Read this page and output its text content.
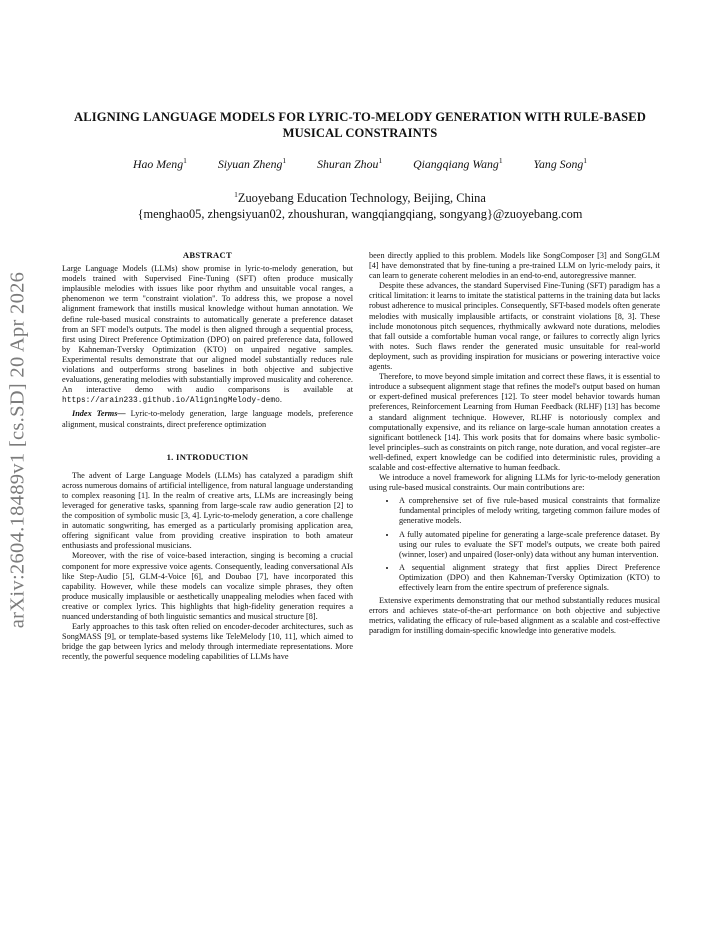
arXiv:2604.18489v1 [cs.SD] 20 Apr 2026
ALIGNING LANGUAGE MODELS FOR LYRIC-TO-MELODY GENERATION WITH RULE-BASED MUSICAL CONSTRAINTS
Hao Meng$^1$	Siyuan Zheng$^1$	Shuran Zhou$^1$	Qiangqiang Wang$^1$	Yang Song$^1$
$^1$Zuoyebang Education Technology, Beijing, China
{menghao05, zhengsiyuan02, zhoushuran, wangqiangqiang, songyang}@zuoyebang.com
ABSTRACT

Large Language Models (LLMs) show promise in lyric-to-melody generation, but models trained with Supervised Fine-Tuning (SFT) often produce musically implausible melodies with issues like poor rhythm and unsuitable vocal ranges, a phenomenon we term "constraint violation". To address this, we propose a novel alignment framework that instills musical knowledge without human annotation. We define rule-based musical constraints to automatically generate a preference dataset from an SFT model's outputs. The model is then aligned through a sequential process, first using Direct Preference Optimization (DPO) on paired preference data, followed by Kahneman-Tversky Optimization (KTO) on unpaired negative samples. Experimental results demonstrate that our aligned model substantially reduces rule violations and outperforms strong baselines in both objective and subjective evaluations, generating melodies with substantially improved musicality and coherence. An interactive demo with audio comparisons is available at https://arain233.github.io/AligningMelody-demo.

Index Terms— Lyric-to-melody generation, large language models, preference alignment, musical constraints, direct preference optimization

1. INTRODUCTION

The advent of Large Language Models (LLMs) has catalyzed a paradigm shift across numerous domains of artificial intelligence, from natural language understanding to complex reasoning [1]. In the realm of creative arts, LLMs are increasingly being leveraged for generative tasks, spanning from large-scale raw audio generation [2] to the composition of symbolic music [3, 4]. Lyric-to-melody generation, a core challenge in automatic songwriting, has emerged as a particularly promising application area, offering significant value from providing creative inspiration to both amateur enthusiasts and professional musicians.

Moreover, with the rise of voice-based interaction, singing is becoming a crucial component for more expressive voice agents. Consequently, leading conversational AIs like Step-Audio [5], GLM-4-Voice [6], and Doubao [7], have incorporated this capability. However, while these models can vocalize simple phrases, they often produce musically implausible or aesthetically unappealing melodies when faced with creative or complex lyrics. This highlights that high-fidelity generation requires a nuanced understanding of both linguistic semantics and musical structure [8].

Early approaches to this task often relied on encoder-decoder architectures, such as SongMASS [9], or template-based systems like TeleMelody [10, 11], which aimed to bridge the gap between lyrics and melody through intermediate representations. More recently, the powerful sequence modeling capabilities of LLMs have

been directly applied to this problem. Models like SongComposer [3] and SongGLM [4] have demonstrated that by fine-tuning a pre-trained LLM on lyric-melody pairs, it can learn to generate coherent melodies in an end-to-end, autoregressive manner.

Despite these advances, the standard Supervised Fine-Tuning (SFT) paradigm has a critical limitation: it learns to imitate the statistical patterns in the training data but lacks robust adherence to musical principles. Consequently, SFT-based models often generate melodies with musically implausible artifacts, or constraint violations [8, 3]. These include monotonous pitch sequences, rhythmically awkward note durations, melodies that fall outside a comfortable human vocal range, or failures to correctly align lyrics with notes. Such flaws render the generated music unsuitable for real-world deployment, such as providing inspiration for musicians or powering interactive voice agents.

Therefore, to move beyond simple imitation and correct these flaws, it is essential to introduce a subsequent alignment stage that refines the model's output based on human or expert-defined musical preferences [12]. To steer model behavior towards human preferences, Reinforcement Learning from Human Feedback (RLHF) [13] has become a standard alignment technique. However, RLHF is notoriously complex and computationally expensive, and its reliance on large-scale human annotation creates a significant bottleneck [14]. This work posits that for domains where basic symbolic-level principles–such as constraints on pitch range, note duration, and vocal register–are well-defined, expert knowledge can be codified into deterministic rules, providing a scalable and cost-effective alternative to human feedback.

We introduce a novel framework for aligning LLMs for lyric-to-melody generation using rule-based musical constraints. Our main contributions are:

• A comprehensive set of five rule-based musical constraints that formalize fundamental principles of melody writing, targeting common failure modes of generative models.
• A fully automated pipeline for generating a large-scale preference dataset. By using our rules to evaluate the SFT model's outputs, we create both paired (winner, loser) and unpaired (loser-only) data without any human intervention.
• A sequential alignment strategy that first applies Direct Preference Optimization (DPO) and then Kahneman-Tversky Optimization (KTO) to effectively learn from the entire spectrum of preference signals.

Extensive experiments demonstrating that our method substantially reduces musical errors and achieves state-of-the-art performance on both objective and subjective metrics, validating the efficacy of rule-based alignment as a scalable and cost-effective paradigm for instilling domain-specific knowledge into generative models.
